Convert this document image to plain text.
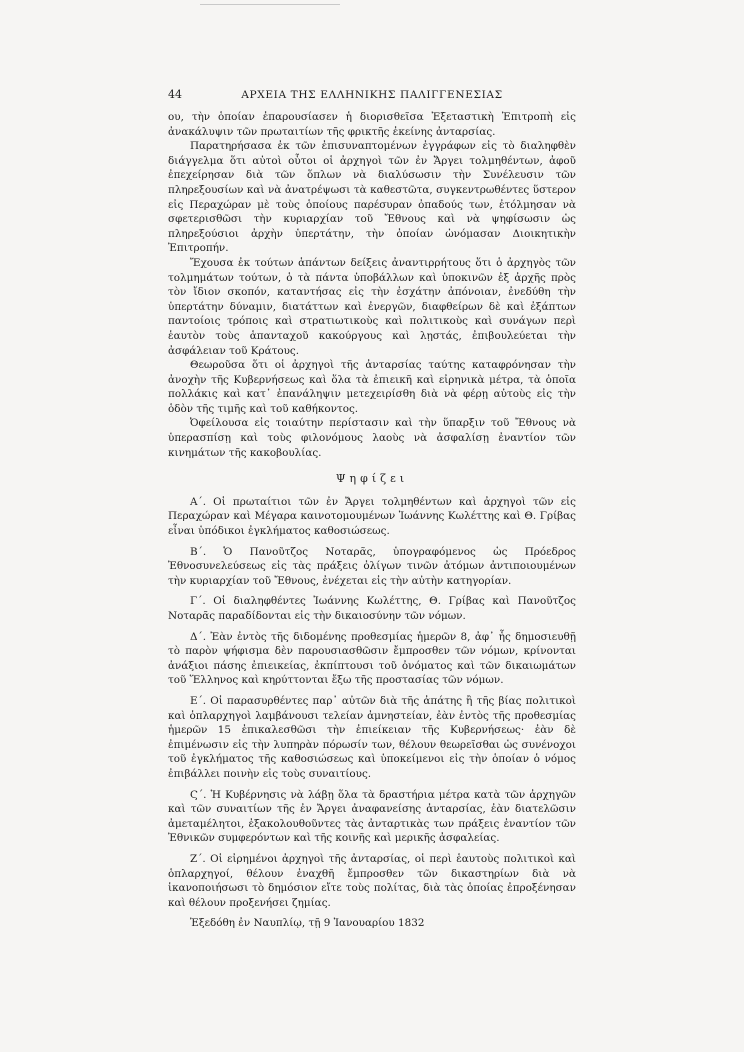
44	ΑΡΧΕΙΑ ΤΗΣ ΕΛΛΗΝΙΚΗΣ ΠΑΛΙΓΓΕΝΕΣΙΑΣ

ου, τὴν ὁποίαν ἐπαρουσίασεν ἡ διορισθεῖσα Ἐξεταστικὴ Ἐπιτροπὴ εἰς ἀνακάλυψιν τῶν πρωταιτίων τῆς φρικτῆς ἐκείνης ἀνταρσίας.

Παρατηρήσασα ἐκ τῶν ἐπισυναπτομένων ἐγγράφων εἰς τὸ διαληφθὲν διάγγελμα ὅτι αὐτοὶ οὗτοι οἱ ἀρχηγοὶ τῶν ἐν Ἄργει τολμηθέντων, ἀφοῦ ἐπεχείρησαν διὰ τῶν ὅπλων νὰ διαλύσωσιν τὴν Συνέλευσιν τῶν πληρεξουσίων καὶ νὰ ἀνατρέψωσι τὰ καθεστῶτα, συγκεντρωθέντες ὕστερον εἰς Περαχώραν μὲ τοὺς ὁποίους παρέσυραν ὀπαδούς των, ἐτόλμησαν νὰ σφετερισθῶσι τὴν κυριαρχίαν τοῦ Ἔθνους καὶ νὰ ψηφίσωσιν ὡς πληρεξούσιοι ἀρχὴν ὑπερτάτην, τὴν ὁποίαν ὠνόμασαν Διοικητικὴν Ἐπιτροπήν.

Ἔχουσα ἐκ τούτων ἁπάντων δείξεις ἀναντιρρήτους ὅτι ὁ ἀρχηγὸς τῶν τολμημάτων τούτων, ὁ τὰ πάντα ὑποβάλλων καὶ ὑποκινῶν ἐξ ἀρχῆς πρὸς τὸν ἴδιον σκοπόν, καταντήσας εἰς τὴν ἐσχάτην ἀπόνοιαν, ἐνεδύθη τὴν ὑπερτάτην δύναμιν, διατάττων καὶ ἐνεργῶν, διαφθείρων δὲ καὶ ἐξάπτων παντοίοις τρόποις καὶ στρατιωτικοὺς καὶ πολιτικοὺς καὶ συνάγων περὶ ἑαυτὸν τοὺς ἁπανταχοῦ κακούργους καὶ λῃστάς, ἐπιβουλεύεται τὴν ἀσφάλειαν τοῦ Κράτους.

Θεωροῦσα ὅτι οἱ ἀρχηγοὶ τῆς ἀνταρσίας ταύτης καταφρόνησαν τὴν ἀνοχὴν τῆς Κυβερνήσεως καὶ ὅλα τὰ ἐπιεικῆ καὶ εἰρηνικὰ μέτρα, τὰ ὁποῖα πολλάκις καὶ κατ᾽ ἐπανάληψιν μετεχειρίσθη διὰ νὰ φέρῃ αὐτοὺς εἰς τὴν ὁδὸν τῆς τιμῆς καὶ τοῦ καθήκοντος.

Ὀφείλουσα εἰς τοιαύτην περίστασιν καὶ τὴν ὕπαρξιν τοῦ Ἔθνους νὰ ὑπερασπίσῃ καὶ τοὺς φιλονόμους λαοὺς νὰ ἀσφαλίσῃ ἐναντίον τῶν κινημάτων τῆς κακοβουλίας.

Ψηφίζει

Α΄. Οἱ πρωταίτιοι τῶν ἐν Ἄργει τολμηθέντων καὶ ἀρχηγοὶ τῶν εἰς Περαχώραν καὶ Μέγαρα καινοτομουμένων Ἰωάννης Κωλέττης καὶ Θ. Γρίβας εἶναι ὑπόδικοι ἐγκλήματος καθοσιώσεως.

Β΄. Ὁ Πανοῦτζος Νοταρᾶς, ὑπογραφόμενος ὡς Πρόεδρος Ἐθνοσυνελεύσεως εἰς τὰς πράξεις ὀλίγων τινῶν ἀτόμων ἀντιποιουμένων τὴν κυριαρχίαν τοῦ Ἔθνους, ἐνέχεται εἰς τὴν αὐτὴν κατηγορίαν.

Γ΄. Οἱ διαληφθέντες Ἰωάννης Κωλέττης, Θ. Γρίβας καὶ Πανοῦτζος Νοταρᾶς παραδίδονται εἰς τὴν δικαιοσύνην τῶν νόμων.

Δ΄. Ἐὰν ἐντὸς τῆς διδομένης προθεσμίας ἡμερῶν 8, ἀφ᾽ ἧς δημοσιευθῇ τὸ παρὸν ψήφισμα δὲν παρουσιασθῶσιν ἔμπροσθεν τῶν νόμων, κρίνονται ἀνάξιοι πάσης ἐπιεικείας, ἐκπίπτουσι τοῦ ὀνόματος καὶ τῶν δικαιωμάτων τοῦ Ἕλληνος καὶ κηρύττονται ἔξω τῆς προστασίας τῶν νόμων.

Ε΄. Οἱ παρασυρθέντες παρ᾽ αὐτῶν διὰ τῆς ἀπάτης ἢ τῆς βίας πολιτικοὶ καὶ ὁπλαρχηγοὶ λαμβάνουσι τελείαν ἀμνηστείαν, ἐὰν ἐντὸς τῆς προθεσμίας ἡμερῶν 15 ἐπικαλεσθῶσι τὴν ἐπιείκειαν τῆς Κυβερνήσεως· ἐὰν δὲ ἐπιμένωσιν εἰς τὴν λυπηρὰν πόρωσίν των, θέλουν θεωρεῖσθαι ὡς συνένοχοι τοῦ ἐγκλήματος τῆς καθοσιώσεως καὶ ὑποκείμενοι εἰς τὴν ὁποίαν ὁ νόμος ἐπιβάλλει ποινὴν εἰς τοὺς συναιτίους.

Ϛ΄. Ἡ Κυβέρνησις νὰ λάβῃ ὅλα τὰ δραστήρια μέτρα κατὰ τῶν ἀρχηγῶν καὶ τῶν συναιτίων τῆς ἐν Ἄργει ἀναφανείσης ἀνταρσίας, ἐὰν διατελῶσιν ἀμεταμέλητοι, ἐξακολουθοῦντες τὰς ἀνταρτικὰς των πράξεις ἐναντίον τῶν Ἐθνικῶν συμφερόντων καὶ τῆς κοινῆς καὶ μερικῆς ἀσφαλείας.

Ζ΄. Οἱ εἰρημένοι ἀρχηγοὶ τῆς ἀνταρσίας, οἱ περὶ ἑαυτοὺς πολιτικοὶ καὶ ὁπλαρχηγοί, θέλουν ἐναχθῆ ἔμπροσθεν τῶν δικαστηρίων διὰ νὰ ἱκανοποιήσωσι τὸ δημόσιον εἴτε τοὺς πολίτας, διὰ τὰς ὁποίας ἐπροξένησαν καὶ θέλουν προξενήσει ζημίας.

Ἐξεδόθη ἐν Ναυπλίῳ, τῇ 9 Ἰανουαρίου 1832
